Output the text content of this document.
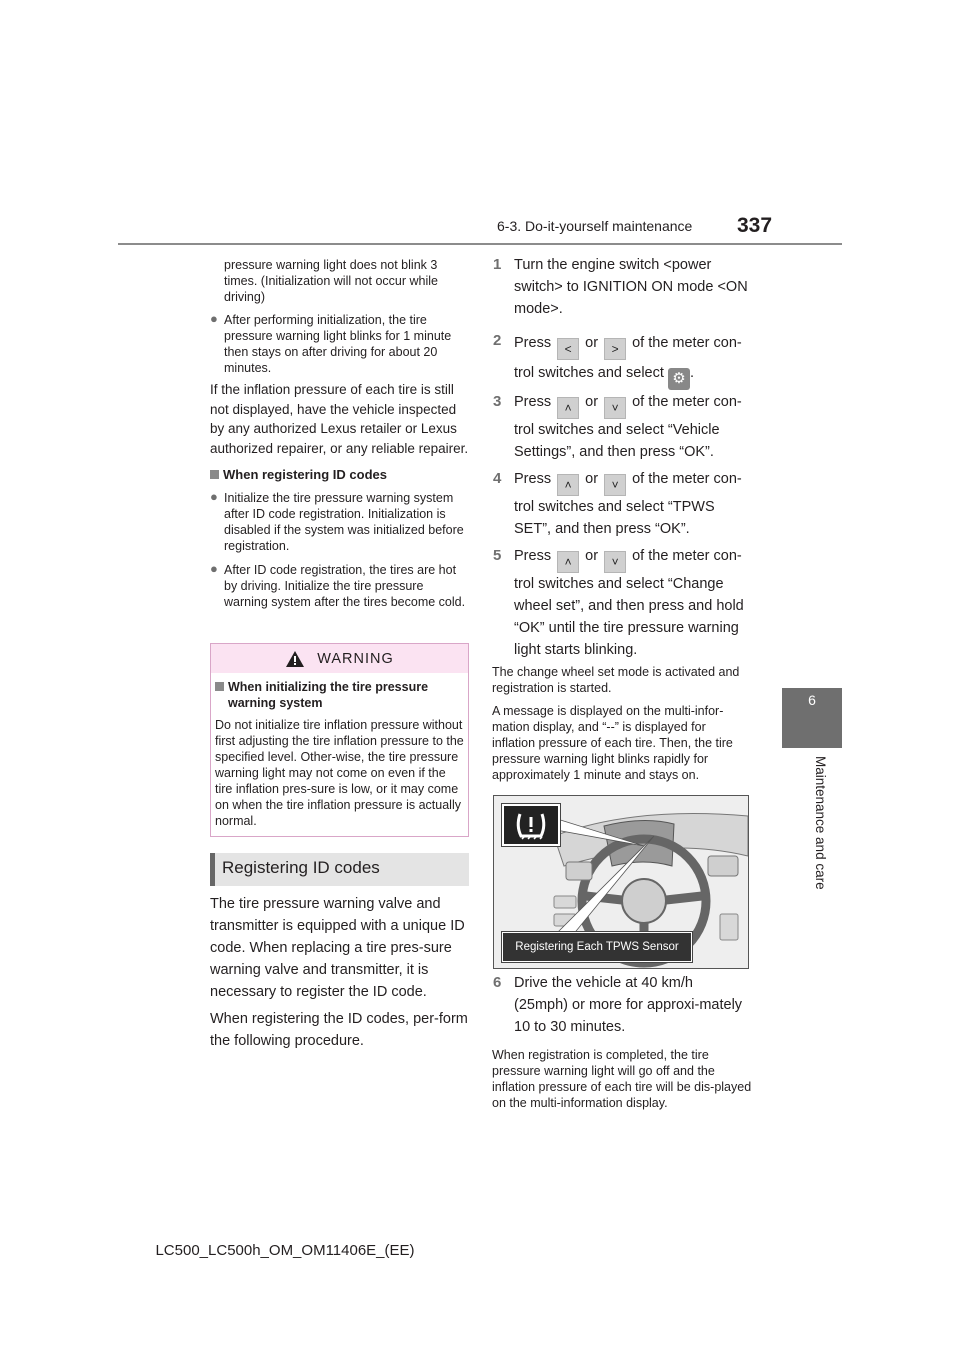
6-3. Do-it-yourself maintenance 337
6
Maintenance and care
pressure warning light does not blink 3 times. (Initialization will not occur while driving)
● After performing initialization, the tire pressure warning light blinks for 1 minute then stays on after driving for about 20 minutes.
If the inflation pressure of each tire is still not displayed, have the vehicle inspected by any authorized Lexus retailer or Lexus authorized repairer, or any reliable repairer.
When registering ID codes
● Initialize the tire pressure warning system after ID code registration. Initialization is disabled if the system was initialized before registration.
● After ID code registration, the tires are hot by driving. Initialize the tire pressure warning system after the tires become cold.
WARNING
When initializing the tire pressure warning system
Do not initialize tire inflation pressure without first adjusting the tire inflation pressure to the specified level. Other-wise, the tire pressure warning light may not come on even if the tire inflation pres-sure is low, or it may come on when the tire inflation pressure is actually normal.
Registering ID codes
The tire pressure warning valve and transmitter is equipped with a unique ID code. When replacing a tire pres-sure warning valve and transmitter, it is necessary to register the ID code.
When registering the ID codes, per-form the following procedure.
1 Turn the engine switch <power switch> to IGNITION ON mode <ON mode>.
2 Press < or > of the meter con-trol switches and select ⚙ .
3 Press ˄ or ˅ of the meter con-trol switches and select “Vehicle Settings”, and then press “OK”.
4 Press ˄ or ˅ of the meter con-trol switches and select “TPWS SET”, and then press “OK”.
5 Press ˄ or ˅ of the meter con-trol switches and select “Change wheel set”, and then press and hold “OK” until the tire pressure warning light starts blinking.
The change wheel set mode is activated and registration is started.
A message is displayed on the multi-infor-mation display, and “--” is displayed for inflation pressure of each tire. Then, the tire pressure warning light blinks rapidly for approximately 1 minute and stays on.
Registering Each TPWS Sensor
6 Drive the vehicle at 40 km/h (25mph) or more for approxi-mately 10 to 30 minutes.
When registration is completed, the tire pressure warning light will go off and the inflation pressure of each tire will be dis-played on the multi-information display.
LC500_LC500h_OM_OM11406E_(EE)
